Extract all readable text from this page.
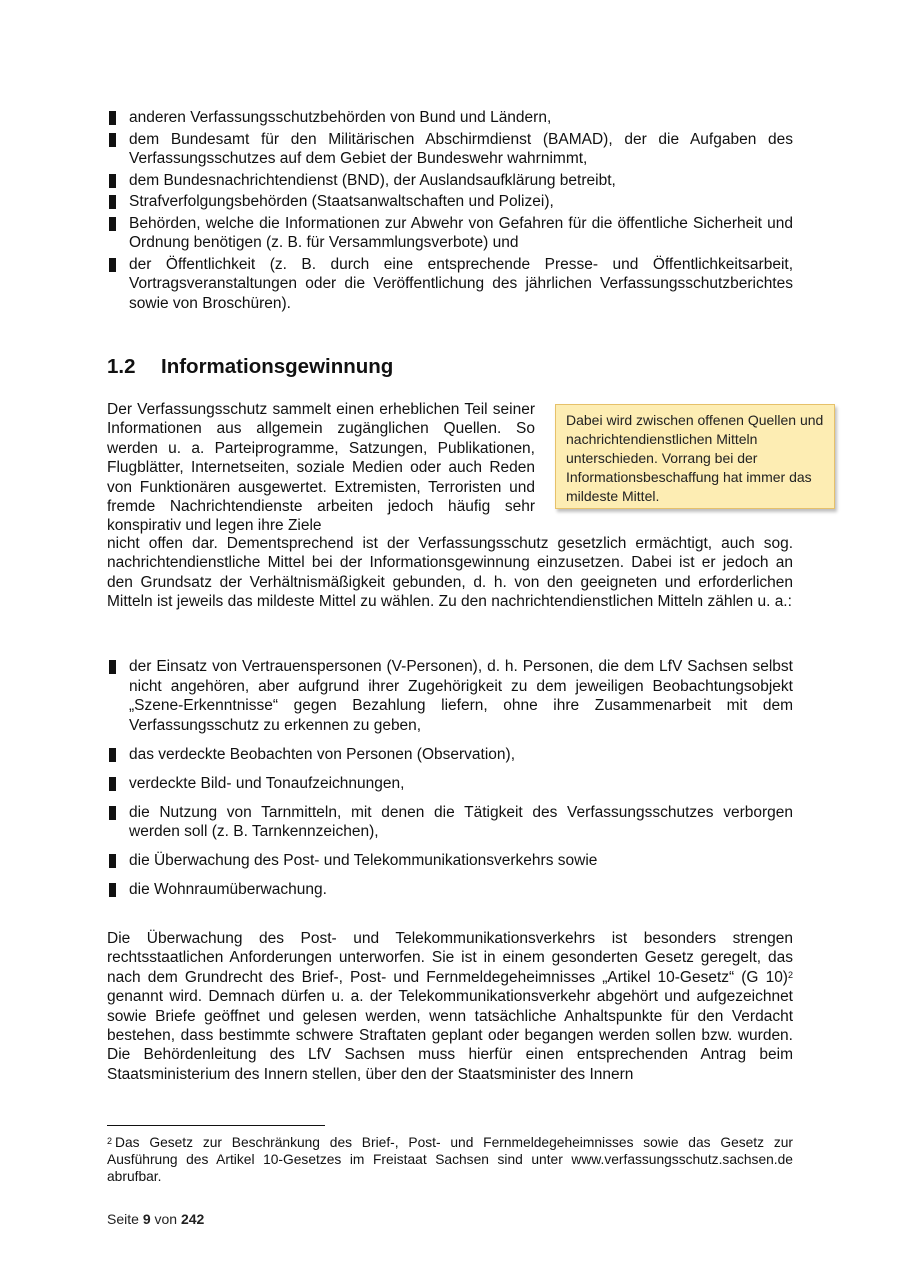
anderen Verfassungsschutzbehörden von Bund und Ländern,
dem Bundesamt für den Militärischen Abschirmdienst (BAMAD), der die Aufgaben des Verfassungsschutzes auf dem Gebiet der Bundeswehr wahrnimmt,
dem Bundesnachrichtendienst (BND), der Auslandsaufklärung betreibt,
Strafverfolgungsbehörden (Staatsanwaltschaften und Polizei),
Behörden, welche die Informationen zur Abwehr von Gefahren für die öffentliche Sicherheit und Ordnung benötigen (z. B. für Versammlungsverbote) und
der Öffentlichkeit (z. B. durch eine entsprechende Presse- und Öffentlichkeitsarbeit, Vortragsveranstaltungen oder die Veröffentlichung des jährlichen Verfassungsschutzberichtes sowie von Broschüren).
1.2 Informationsgewinnung

Der Verfassungsschutz sammelt einen erheblichen Teil seiner Informationen aus allgemein zugänglichen Quellen. So werden u. a. Parteiprogramme, Satzungen, Publikationen, Flugblätter, Internetseiten, soziale Medien oder auch Reden von Funktionären ausgewertet. Extremisten, Terroristen und fremde Nachrichtendienste arbeiten jedoch häufig sehr konspirativ und legen ihre Ziele

Dabei wird zwischen offenen Quellen und nachrichtendienstlichen Mitteln unterschieden. Vorrang bei der Informationsbeschaffung hat immer das mildeste Mittel.

nicht offen dar. Dementsprechend ist der Verfassungsschutz gesetzlich ermächtigt, auch sog. nachrichtendienstliche Mittel bei der Informationsgewinnung einzusetzen. Dabei ist er jedoch an den Grundsatz der Verhältnismäßigkeit gebunden, d. h. von den geeigneten und erforderlichen Mitteln ist jeweils das mildeste Mittel zu wählen. Zu den nachrichtendienstlichen Mitteln zählen u. a.:

der Einsatz von Vertrauenspersonen (V-Personen), d. h. Personen, die dem LfV Sachsen selbst nicht angehören, aber aufgrund ihrer Zugehörigkeit zu dem jeweiligen Beobachtungsobjekt „Szene-Erkenntnisse“ gegen Bezahlung liefern, ohne ihre Zusammenarbeit mit dem Verfassungsschutz zu erkennen zu geben,
das verdeckte Beobachten von Personen (Observation),
verdeckte Bild- und Tonaufzeichnungen,
die Nutzung von Tarnmitteln, mit denen die Tätigkeit des Verfassungsschutzes verborgen werden soll (z. B. Tarnkennzeichen),
die Überwachung des Post- und Telekommunikationsverkehrs sowie
die Wohnraumüberwachung.

Die Überwachung des Post- und Telekommunikationsverkehrs ist besonders strengen rechtsstaatlichen Anforderungen unterworfen. Sie ist in einem gesonderten Gesetz geregelt, das nach dem Grundrecht des Brief-, Post- und Fernmeldegeheimnisses „Artikel 10-Gesetz“ (G 10)$^2$ genannt wird. Demnach dürfen u. a. der Telekommunikationsverkehr abgehört und aufgezeichnet sowie Briefe geöffnet und gelesen werden, wenn tatsächliche Anhaltspunkte für den Verdacht bestehen, dass bestimmte schwere Straftaten geplant oder begangen werden sollen bzw. wurden. Die Behördenleitung des LfV Sachsen muss hierfür einen entsprechenden Antrag beim Staatsministerium des Innern stellen, über den der Staatsminister des Innern

$^2$ Das Gesetz zur Beschränkung des Brief-, Post- und Fernmeldegeheimnisses sowie das Gesetz zur Ausführung des Artikel 10-Gesetzes im Freistaat Sachsen sind unter www.verfassungsschutz.sachsen.de abrufbar.

Seite 9 von 242
